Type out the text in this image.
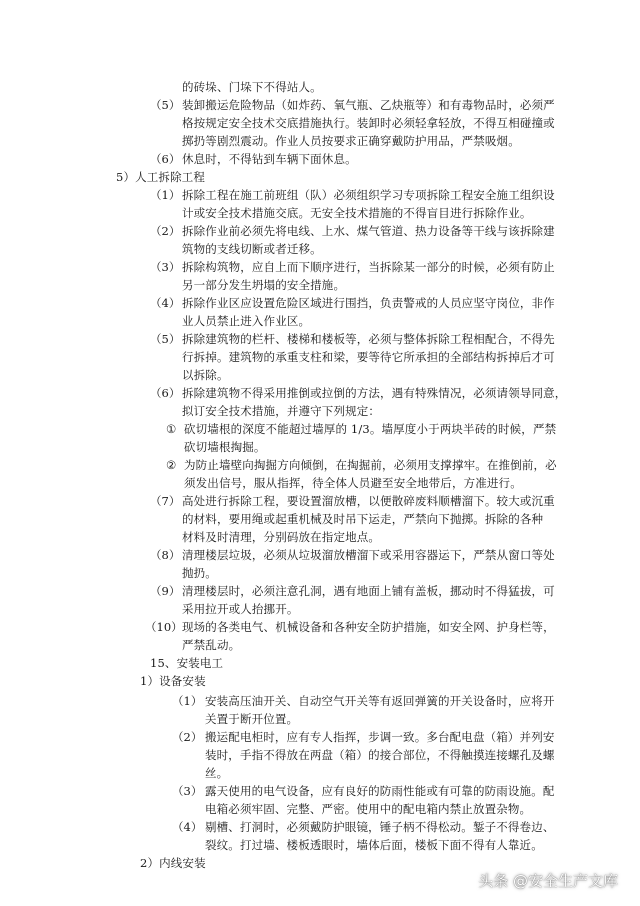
的砖垛、门垛下不得站人。
（5） 装卸搬运危险物品（如炸药、氧气瓶、乙炔瓶等）和有毒物品时，必须严
格按规定安全技术交底措施执行。装卸时必须轻拿轻放，不得互相碰撞或
掷扔等剧烈震动。作业人员按要求正确穿戴防护用品，严禁吸烟。
（6） 休息时，不得钻到车辆下面休息。
5）人工拆除工程
（1） 拆除工程在施工前班组（队）必须组织学习专项拆除工程安全施工组织设
计或安全技术措施交底。无安全技术措施的不得盲目进行拆除作业。
（2） 拆除作业前必须先将电线、上水、煤气管道、热力设备等干线与该拆除建
筑物的支线切断或者迁移。
（3） 拆除构筑物，应自上而下顺序进行，当拆除某一部分的时候，必须有防止
另一部分发生坍塌的安全措施。
（4） 拆除作业区应设置危险区域进行围挡，负责警戒的人员应坚守岗位，非作
业人员禁止进入作业区。
（5） 拆除建筑物的栏杆、楼梯和楼板等，必须与整体拆除工程相配合，不得先
行拆掉。建筑物的承重支柱和梁，要等待它所承担的全部结构拆掉后才可
以拆除。
（6） 拆除建筑物不得采用推倒或拉倒的方法，遇有特殊情况，必须请领导同意，
拟订安全技术措施，并遵守下列规定：
① 砍切墙根的深度不能超过墙厚的 1/3。墙厚度小于两块半砖的时候，严禁
砍切墙根掏掘。
② 为防止墙壁向掏掘方向倾倒，在掏掘前，必须用支撑撑牢。在推倒前，必
须发出信号，服从指挥，待全体人员避至安全地带后，方准进行。
（7） 高处进行拆除工程，要设置溜放槽，以便散碎废料顺槽溜下。较大或沉重
的材料，要用绳或起重机械及时吊下运走，严禁向下抛掷。拆除的各种
材料及时清理，分别码放在指定地点。
（8） 清理楼层垃圾，必须从垃圾溜放槽溜下或采用容器运下，严禁从窗口等处
抛扔。
（9） 清理楼层时，必须注意孔洞，遇有地面上铺有盖板，挪动时不得猛拔，可
采用拉开或人抬挪开。
（10） 现场的各类电气、机械设备和各种安全防护措施，如安全网、护身栏等，
严禁乱动。
15、安装电工
1）设备安装
（1） 安装高压油开关、自动空气开关等有返回弹簧的开关设备时，应将开
关置于断开位置。
（2） 搬运配电柜时，应有专人指挥，步调一致。多台配电盘（箱）并列安
装时，手指不得放在两盘（箱）的接合部位，不得触摸连接螺孔及螺
丝。
（3） 露天使用的电气设备，应有良好的防雨性能或有可靠的防雨设施。配
电箱必须牢固、完整、严密。使用中的配电箱内禁止放置杂物。
（4） 剔槽、打洞时，必须戴防护眼镜，锤子柄不得松动。錾子不得卷边、
裂纹。打过墙、楼板透眼时，墙体后面，楼板下面不得有人靠近。
2）内线安装
头条 @安全生产文库
